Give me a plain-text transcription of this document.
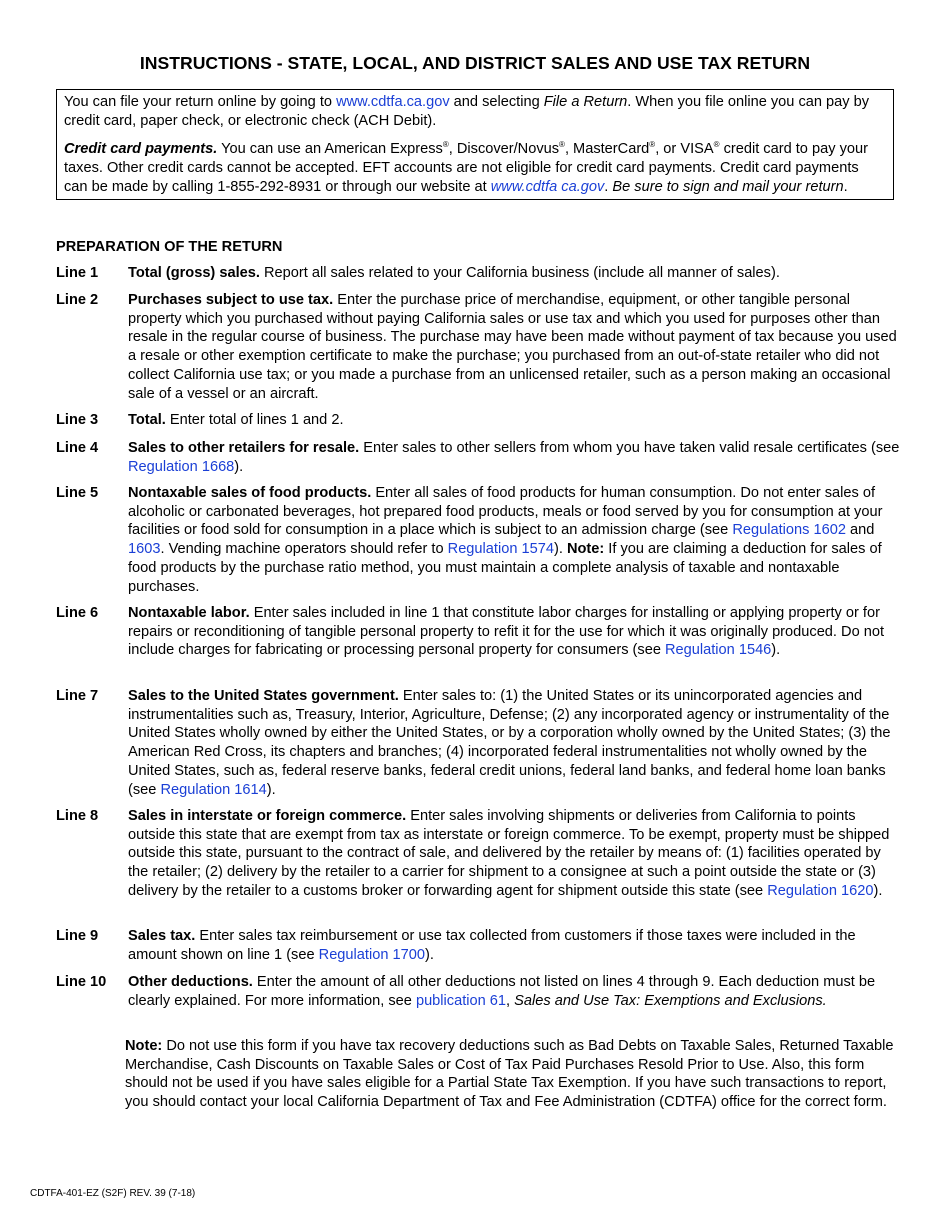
INSTRUCTIONS - STATE, LOCAL, AND DISTRICT SALES AND USE TAX RETURN

You can file your return online by going to www.cdtfa.ca.gov and selecting File a Return. When you file online you can pay by credit card, paper check, or electronic check (ACH Debit).

Credit card payments. You can use an American Express®, Discover/Novus®, MasterCard®, or VISA® credit card to pay your taxes. Other credit cards cannot be accepted. EFT accounts are not eligible for credit card payments. Credit card payments can be made by calling 1-855-292-8931 or through our website at www.cdtfa ca.gov. Be sure to sign and mail your return.

PREPARATION OF THE RETURN
Line 1 Total (gross) sales. Report all sales related to your California business (include all manner of sales).
Line 2 Purchases subject to use tax. Enter the purchase price of merchandise, equipment, or other tangible personal property which you purchased without paying California sales or use tax and which you used for purposes other than resale in the regular course of business. The purchase may have been made without payment of tax because you used a resale or other exemption certificate to make the purchase; you purchased from an out-of-state retailer who did not collect California use tax; or you made a purchase from an unlicensed retailer, such as a person making an occasional sale of a vessel or an aircraft.
Line 3 Total. Enter total of lines 1 and 2.
Line 4 Sales to other retailers for resale. Enter sales to other sellers from whom you have taken valid resale certificates (see Regulation 1668).
Line 5 Nontaxable sales of food products. Enter all sales of food products for human consumption. Do not enter sales of alcoholic or carbonated beverages, hot prepared food products, meals or food served by you for consumption at your facilities or food sold for consumption in a place which is subject to an admission charge (see Regulations 1602 and 1603. Vending machine operators should refer to Regulation 1574). Note: If you are claiming a deduction for sales of food products by the purchase ratio method, you must maintain a complete analysis of taxable and nontaxable purchases.
Line 6 Nontaxable labor. Enter sales included in line 1 that constitute labor charges for installing or applying property or for repairs or reconditioning of tangible personal property to refit it for the use for which it was originally produced. Do not include charges for fabricating or processing personal property for consumers (see Regulation 1546).
Line 7 Sales to the United States government. Enter sales to: (1) the United States or its unincorporated agencies and instrumentalities such as, Treasury, Interior, Agriculture, Defense; (2) any incorporated agency or instrumentality of the United States wholly owned by either the United States, or by a corporation wholly owned by the United States; (3) the American Red Cross, its chapters and branches; (4) incorporated federal instrumentalities not wholly owned by the United States, such as, federal reserve banks, federal credit unions, federal land banks, and federal home loan banks (see Regulation 1614).
Line 8 Sales in interstate or foreign commerce. Enter sales involving shipments or deliveries from California to points outside this state that are exempt from tax as interstate or foreign commerce. To be exempt, property must be shipped outside this state, pursuant to the contract of sale, and delivered by the retailer by means of: (1) facilities operated by the retailer; (2) delivery by the retailer to a carrier for shipment to a consignee at such a point outside the state or (3) delivery by the retailer to a customs broker or forwarding agent for shipment outside this state (see Regulation 1620).
Line 9 Sales tax. Enter sales tax reimbursement or use tax collected from customers if those taxes were included in the amount shown on line 1 (see Regulation 1700).
Line 10 Other deductions. Enter the amount of all other deductions not listed on lines 4 through 9. Each deduction must be clearly explained. For more information, see publication 61, Sales and Use Tax: Exemptions and Exclusions.
Note: Do not use this form if you have tax recovery deductions such as Bad Debts on Taxable Sales, Returned Taxable Merchandise, Cash Discounts on Taxable Sales or Cost of Tax Paid Purchases Resold Prior to Use. Also, this form should not be used if you have sales eligible for a Partial State Tax Exemption. If you have such transactions to report, you should contact your local California Department of Tax and Fee Administration (CDTFA) office for the correct form.
CDTFA-401-EZ (S2F) REV. 39 (7-18)
